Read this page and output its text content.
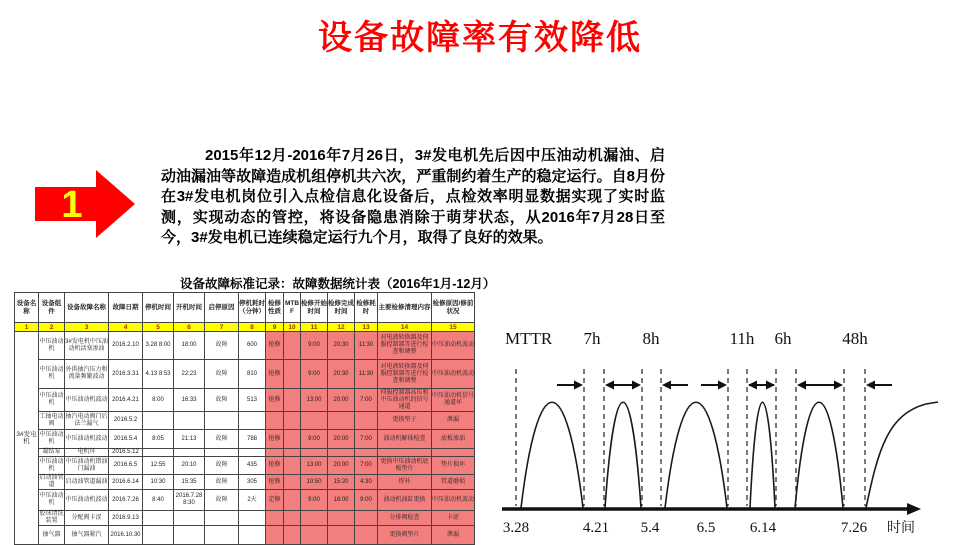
设备故障率有效降低
1

2015年12月-2016年7月26日，3#发电机先后因中压油动机漏油、启动油漏油等故障造成机组停机共六次，严重制约着生产的稳定运行。自8月份在3#发电机岗位引入点检信息化设备后，点检效率明显数据实现了实时监测，实现动态的管控，将设备隐患消除于萌芽状态，从2016年7月28日至今，3#发电机已连续稳定运行九个月，取得了良好的效果。

设备故障标准记录：故障数据统计表（2016年1月-12月）
设备名称	设备组件	设备故障名称	故障日期	停机时间	开机时间	启停原因	停机耗时（分钟）	检修性质	MTBF	检修开始时间	检修完成时间	检修耗时	主要检修清理内容	检修原因/修前状况
1	2	3	4	5	6	7	8	9	10	11	12	13	14	15
3#发电机	中压油动机	3#发电机中压油动机活塞渗油	2016.2.10	3.28 8:00	18:00	故障	600	抢修		9:00	20:30	11:30	对电液转换器及伺服控制器等进行检查和调整	中压油动机波动
	中压油动机	外供抽汽压力和流量频繁波动	2016.3.31	4.13 8:53	22:23	故障	810	抢修		9:00	20:30	11:30	对电液转换器及伺服控制器等进行检查和调整	中压油动机波动
	中压油动机	中压油动机波动	2016.4.21	8:00	16:33	故障	513	抢修		13:00	20:00	7:00	伺服控制器高压和中压油动机的信号通道	中压油动机信号通道坏
	工抽电动阀	抽汽电动阀门后法兰漏气	2016.5.2										更换垫子	泄漏
	中压油动机	中压油动机波动	2016.5.4	8:05	21:13	故障	788	抢修		9:00	20:00	7:00	油动机解体检查	底板渗油
	凝结泵	电机坏	2016.5.12											
	中压油动机	中压油动机错油门漏油	2016.6.5	12:55	20:10	故障	435	抢修		13:00	20:00	7:00	更换中压油动机底板垫片	垫片损坏
	启动油管道	启动油管道漏油	2016.6.14	10:30	15:35	故障	305	抢修		10:50	15:20	4:30	焊补	管道磨损
	中压油动机	中压油动机波动	2016.7.26	8:40	2016.7.28 8:30	故障	2天	定修		9:00	18:00	9:00	油动机油缸更换	中压油动机波动
	胶球清洗装置	分配阀卡涩	2016.9.13										分排阀检查	卡涩
	抽气器	抽气器紧汽	2016.10.30										更换阀垫片	泄漏
MTTR 7h 8h	11h 6h	48h
3.28	4.21 5.4 6.5 6.14	7.26 时间
